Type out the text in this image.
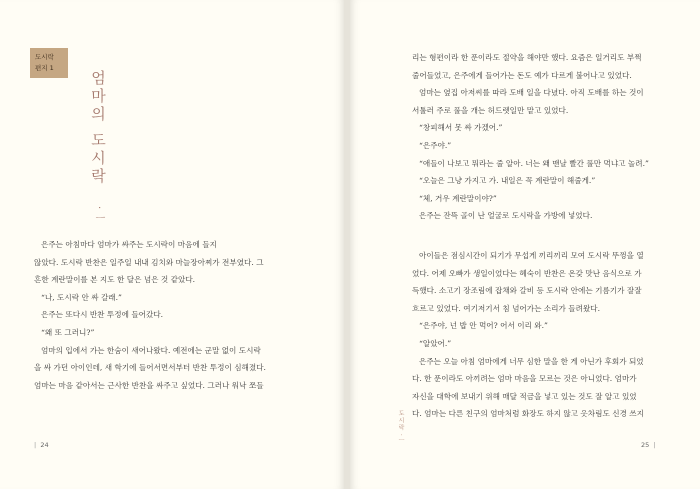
도시락
편지 1
엄마의 도시락 ·ᅳ

은주는 아침마다 엄마가 싸주는 도시락이 마음에 들지

않았다. 도시락 반찬은 일주일 내내 김치와 마늘장아찌가 전부였다. 그

흔한 계란말이를 본 지도 한 달은 넘은 것 같았다.

“나, 도시락 안 싸 갈래.”

은주는 또다시 반찬 투정에 들어갔다.

“왜 또 그러니?”

엄마의 입에서 가는 한숨이 새어나왔다. 예전에는 군말 없이 도시락

을 싸 가던 아이인데, 새 학기에 들어서면서부터 반찬 투정이 심해졌다.

엄마는 마음 같아서는 근사한 반찬을 싸주고 싶었다. 그러나 워낙 쪼들

| 24

리는 형편이라 한 푼이라도 절약을 해야만 했다. 요즘은 일거리도 부쩍

줄어들었고, 은주에게 들어가는 돈도 예가 다르게 불어나고 있었다.

엄마는 옆집 아저씨를 따라 도배 일을 다녔다. 아직 도배를 하는 것이

서툴러 주로 풀을 개는 허드렛일만 맡고 있었다.

“창피해서 못 싸 가겠어.”

“은주야.”

“애들이 나보고 뭐라는 줄 알아. 너는 왜 맨날 빨간 풀만 먹냐고 놀려.”

“오늘은 그냥 가지고 가. 내일은 꼭 계란말이 해줄게.”

“체, 거우 계란말이야?”

은주는 잔뜩 골이 난 얼굴로 도시락을 가방에 넣었다.

아이들은 점심시간이 되기가 무섭게 끼리끼리 모여 도시락 뚜껑을 열

었다. 어제 오빠가 생일이었다는 혜숙이 반찬은 온갖 맛난 음식으로 가

득했다. 소고기 장조림에 잡채와 갈비 등 도시락 안에는 기름기가 잘잘

흐르고 있었다. 여기저기서 침 넘어가는 소리가 들려왔다.

“은주야, 넌 밥 안 먹어? 어서 이리 와.”

“알았어.”

은주는 오늘 아침 엄마에게 너무 심한 말을 한 게 아닌가 후회가 되었

다. 한 푼이라도 아끼려는 엄마 마음을 모르는 것은 아니었다. 엄마가

자신을 대학에 보내기 위해 매달 적금을 넣고 있는 것도 잘 알고 있었

다. 엄마는 다른 친구의 엄마처럼 화장도 하지 않고 옷차림도 신경 쓰지

도시락 ·ᅳ
25 |
